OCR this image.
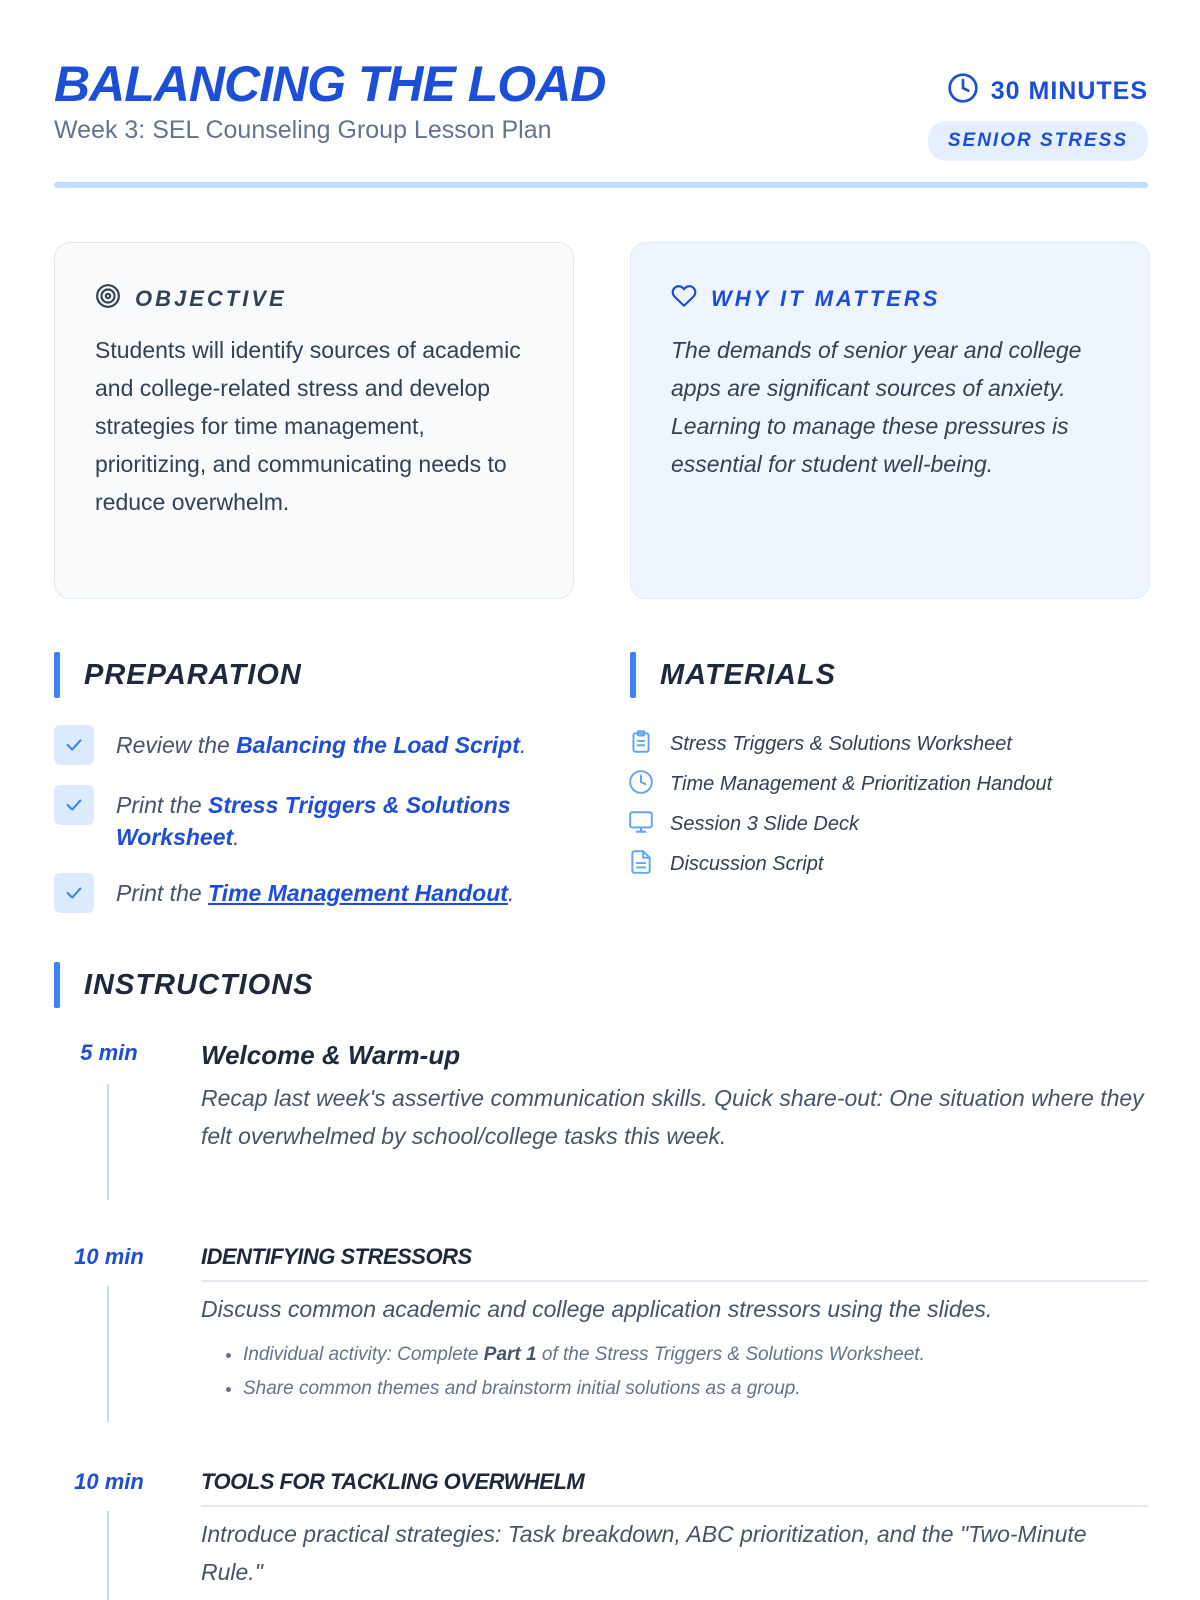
BALANCING THE LOAD
Week 3: SEL Counseling Group Lesson Plan
30 MINUTES
SENIOR STRESS
OBJECTIVE
Students will identify sources of academic and college-related stress and develop strategies for time management, prioritizing, and communicating needs to reduce overwhelm.
WHY IT MATTERS
The demands of senior year and college apps are significant sources of anxiety. Learning to manage these pressures is essential for student well-being.
PREPARATION
Review the Balancing the Load Script.
Print the Stress Triggers & Solutions Worksheet.
Print the Time Management Handout.
MATERIALS
Stress Triggers & Solutions Worksheet
Time Management & Prioritization Handout
Session 3 Slide Deck
Discussion Script
INSTRUCTIONS
5 min	Welcome & Warm-up
Recap last week's assertive communication skills. Quick share-out: One situation where they felt overwhelmed by school/college tasks this week.
10 min	IDENTIFYING STRESSORS
Discuss common academic and college application stressors using the slides.
• Individual activity: Complete Part 1 of the Stress Triggers & Solutions Worksheet.
• Share common themes and brainstorm initial solutions as a group.
10 min	TOOLS FOR TACKLING OVERWHELM
Introduce practical strategies: Task breakdown, ABC prioritization, and the "Two-Minute Rule."
